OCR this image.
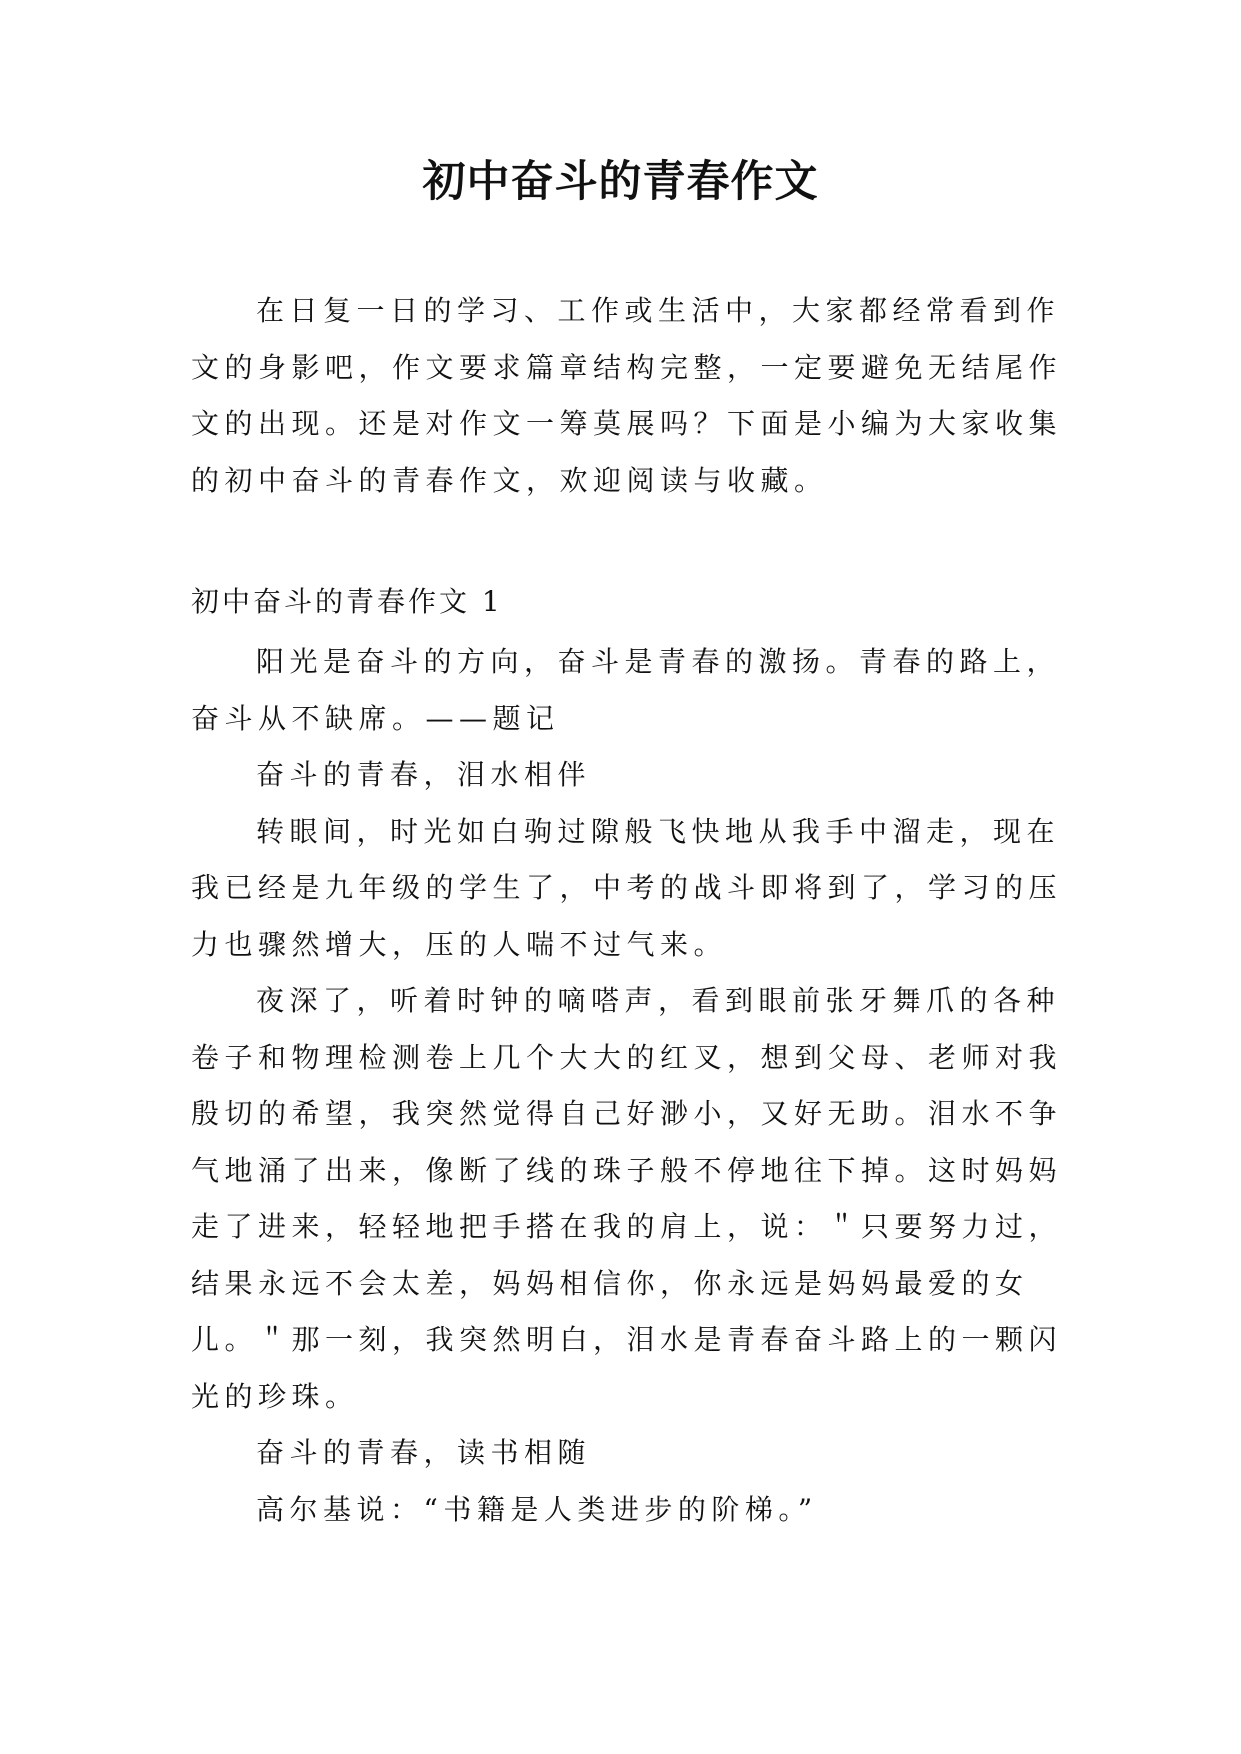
初中奋斗的青春作文
在日复一日的学习、工作或生活中，大家都经常看到作
文的身影吧，作文要求篇章结构完整，一定要避免无结尾作
文的出现。还是对作文一筹莫展吗？下面是小编为大家收集
的初中奋斗的青春作文，欢迎阅读与收藏。
初中奋斗的青春作文 1
阳光是奋斗的方向，奋斗是青春的激扬。青春的路上，
奋斗从不缺席。——题记
奋斗的青春，泪水相伴
转眼间，时光如白驹过隙般飞快地从我手中溜走，现在
我已经是九年级的学生了，中考的战斗即将到了，学习的压
力也骤然增大，压的人喘不过气来。
夜深了，听着时钟的嘀嗒声，看到眼前张牙舞爪的各种
卷子和物理检测卷上几个大大的红叉，想到父母、老师对我
殷切的希望，我突然觉得自己好渺小，又好无助。泪水不争
气地涌了出来，像断了线的珠子般不停地往下掉。这时妈妈
走了进来，轻轻地把手搭在我的肩上，说：＂只要努力过，
结果永远不会太差，妈妈相信你，你永远是妈妈最爱的女
儿。＂那一刻，我突然明白，泪水是青春奋斗路上的一颗闪
光的珍珠。
奋斗的青春，读书相随
高尔基说：“书籍是人类进步的阶梯。”
